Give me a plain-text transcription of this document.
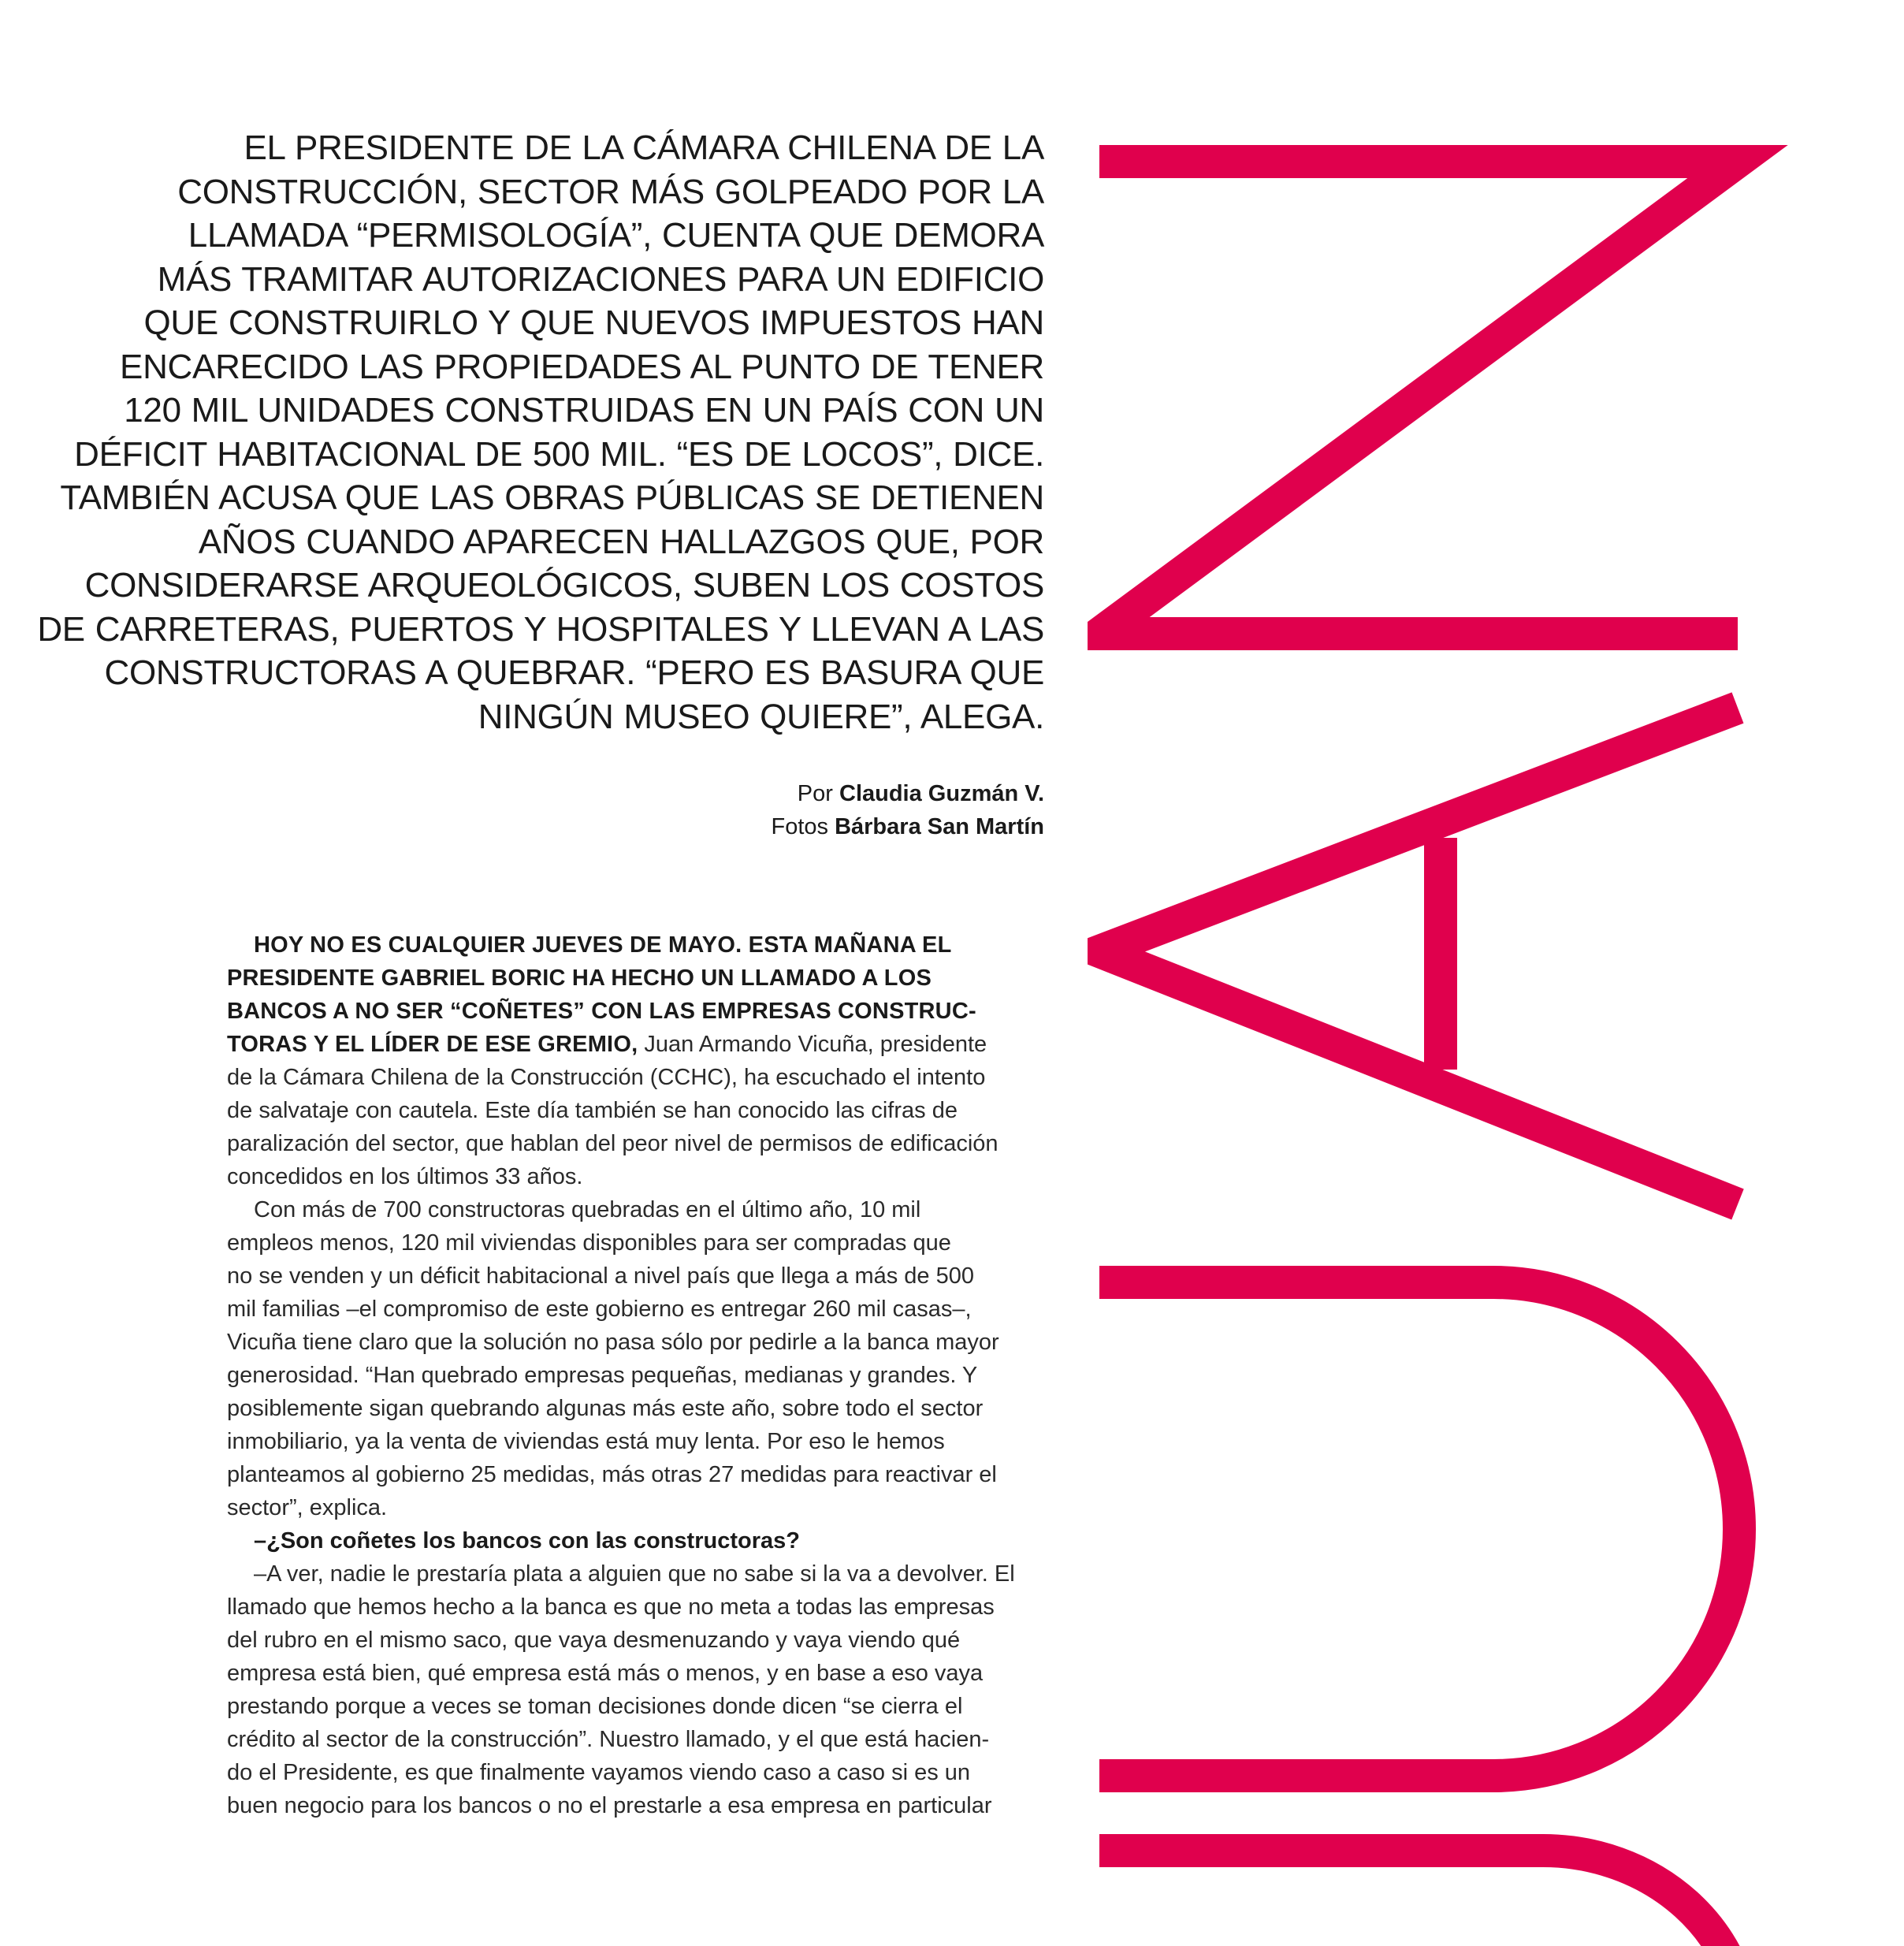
EL PRESIDENTE DE LA CÁMARA CHILENA DE LA
CONSTRUCCIÓN, SECTOR MÁS GOLPEADO POR LA
LLAMADA “PERMISOLOGÍA”, CUENTA QUE DEMORA
MÁS TRAMITAR AUTORIZACIONES PARA UN EDIFICIO
QUE CONSTRUIRLO Y QUE NUEVOS IMPUESTOS HAN
ENCARECIDO LAS PROPIEDADES AL PUNTO DE TENER
120 MIL UNIDADES CONSTRUIDAS EN UN PAÍS CON UN
DÉFICIT HABITACIONAL DE 500 MIL. “ES DE LOCOS”, DICE.
TAMBIÉN ACUSA QUE LAS OBRAS PÚBLICAS SE DETIENEN
AÑOS CUANDO APARECEN HALLAZGOS QUE, POR
CONSIDERARSE ARQUEOLÓGICOS, SUBEN LOS COSTOS
DE CARRETERAS, PUERTOS Y HOSPITALES Y LLEVAN A LAS
CONSTRUCTORAS A QUEBRAR. “PERO ES BASURA QUE
NINGÚN MUSEO QUIERE”, ALEGA.
Por Claudia Guzmán V.
Fotos Bárbara San Martín
HOY NO ES CUALQUIER JUEVES DE MAYO. ESTA MAÑANA EL
PRESIDENTE GABRIEL BORIC HA HECHO UN LLAMADO A LOS
BANCOS A NO SER “COÑETES” CON LAS EMPRESAS CONSTRUC-
TORAS Y EL LÍDER DE ESE GREMIO, Juan Armando Vicuña, presidente
de la Cámara Chilena de la Construcción (CCHC), ha escuchado el intento
de salvataje con cautela. Este día también se han conocido las cifras de
paralización del sector, que hablan del peor nivel de permisos de edificación
concedidos en los últimos 33 años.
Con más de 700 constructoras quebradas en el último año, 10 mil
empleos menos, 120 mil viviendas disponibles para ser compradas que
no se venden y un déficit habitacional a nivel país que llega a más de 500
mil familias –el compromiso de este gobierno es entregar 260 mil casas–,
Vicuña tiene claro que la solución no pasa sólo por pedirle a la banca mayor
generosidad. “Han quebrado empresas pequeñas, medianas y grandes. Y
posiblemente sigan quebrando algunas más este año, sobre todo el sector
inmobiliario, ya la venta de viviendas está muy lenta. Por eso le hemos
planteamos al gobierno 25 medidas, más otras 27 medidas para reactivar el
sector”, explica.
–¿Son coñetes los bancos con las constructoras?
–A ver, nadie le prestaría plata a alguien que no sabe si la va a devolver. El
llamado que hemos hecho a la banca es que no meta a todas las empresas
del rubro en el mismo saco, que vaya desmenuzando y vaya viendo qué
empresa está bien, qué empresa está más o menos, y en base a eso vaya
prestando porque a veces se toman decisiones donde dicen “se cierra el
crédito al sector de la construcción”. Nuestro llamado, y el que está hacien-
do el Presidente, es que finalmente vayamos viendo caso a caso si es un
buen negocio para los bancos o no el prestarle a esa empresa en particular
